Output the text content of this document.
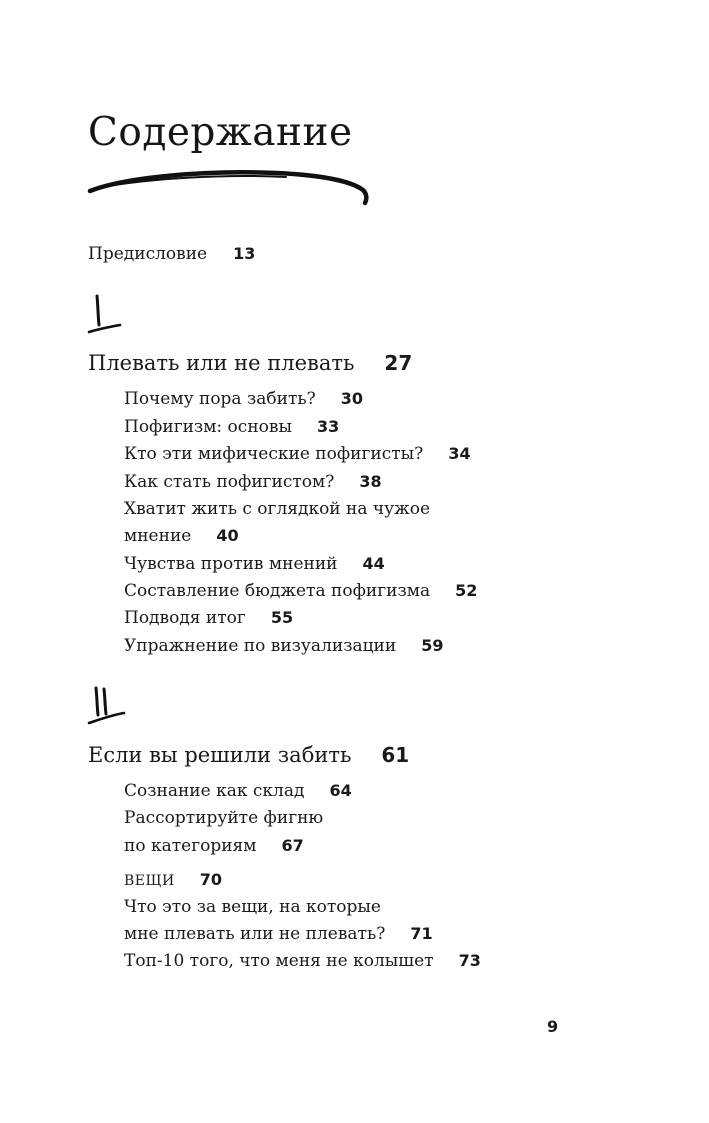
Содержание
Предисловие 13
Плевать или не плевать 27
Почему пора забить? 30
Пофигизм: основы 33
Кто эти мифические пофигисты? 34
Как стать пофигистом? 38
Хватит жить с оглядкой на чужое
мнение 40
Чувства против мнений 44
Составление бюджета пофигизма 52
Подводя итог 55
Упражнение по визуализации 59
Если вы решили забить 61
Сознание как склад 64
Рассортируйте фигню
по категориям 67
ВЕЩИ 70
Что это за вещи, на которые
мне плевать или не плевать? 71
Топ-10 того, что меня не колышет 73
9
